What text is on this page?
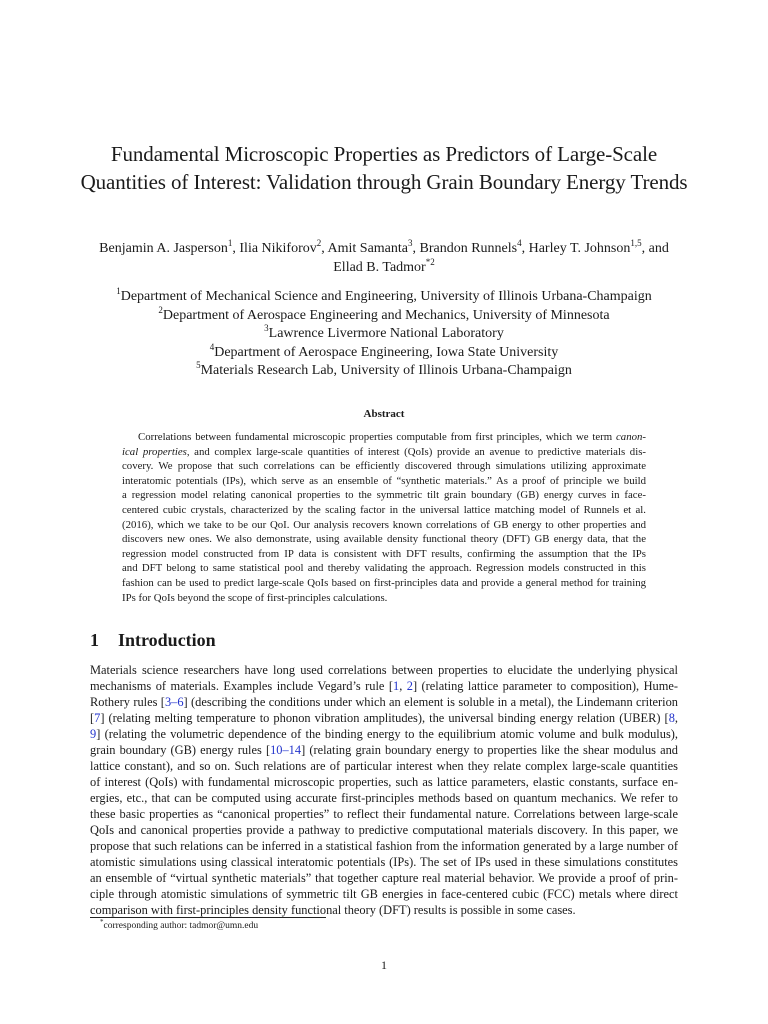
Fundamental Microscopic Properties as Predictors of Large-Scale Quantities of Interest: Validation through Grain Boundary Energy Trends
Benjamin A. Jasperson$^1$, Ilia Nikiforov$^2$, Amit Samanta$^3$, Brandon Runnels$^4$, Harley T. Johnson$^{1,5}$, and Ellad B. Tadmor$^{*2}$
$^1$Department of Mechanical Science and Engineering, University of Illinois Urbana-Champaign
$^2$Department of Aerospace Engineering and Mechanics, University of Minnesota
$^3$Lawrence Livermore National Laboratory
$^4$Department of Aerospace Engineering, Iowa State University
$^5$Materials Research Lab, University of Illinois Urbana-Champaign
Abstract
Correlations between fundamental microscopic properties computable from first principles, which we term canon-
ical properties, and complex large-scale quantities of interest (QoIs) provide an avenue to predictive materials dis-
covery. We propose that such correlations can be efficiently discovered through simulations utilizing approximate
interatomic potentials (IPs), which serve as an ensemble of “synthetic materials.” As a proof of principle we build
a regression model relating canonical properties to the symmetric tilt grain boundary (GB) energy curves in face-
centered cubic crystals, characterized by the scaling factor in the universal lattice matching model of Runnels et al.
(2016), which we take to be our QoI. Our analysis recovers known correlations of GB energy to other properties and
discovers new ones. We also demonstrate, using available density functional theory (DFT) GB energy data, that the
regression model constructed from IP data is consistent with DFT results, confirming the assumption that the IPs
and DFT belong to same statistical pool and thereby validating the approach. Regression models constructed in this
fashion can be used to predict large-scale QoIs based on first-principles data and provide a general method for training
IPs for QoIs beyond the scope of first-principles calculations.
1 Introduction
Materials science researchers have long used correlations between properties to elucidate the underlying physical
mechanisms of materials. Examples include Vegard’s rule [1, 2] (relating lattice parameter to composition), Hume-
Rothery rules [3–6] (describing the conditions under which an element is soluble in a metal), the Lindemann criterion
[7] (relating melting temperature to phonon vibration amplitudes), the universal binding energy relation (UBER) [8,
9] (relating the volumetric dependence of the binding energy to the equilibrium atomic volume and bulk modulus),
grain boundary (GB) energy rules [10–14] (relating grain boundary energy to properties like the shear modulus and
lattice constant), and so on. Such relations are of particular interest when they relate complex large-scale quantities
of interest (QoIs) with fundamental microscopic properties, such as lattice parameters, elastic constants, surface en-
ergies, etc., that can be computed using accurate first-principles methods based on quantum mechanics. We refer to
these basic properties as “canonical properties” to reflect their fundamental nature. Correlations between large-scale
QoIs and canonical properties provide a pathway to predictive computational materials discovery. In this paper, we
propose that such relations can be inferred in a statistical fashion from the information generated by a large number of
atomistic simulations using classical interatomic potentials (IPs). The set of IPs used in these simulations constitutes
an ensemble of “virtual synthetic materials” that together capture real material behavior. We provide a proof of prin-
ciple through atomistic simulations of symmetric tilt GB energies in face-centered cubic (FCC) metals where direct
comparison with first-principles density functional theory (DFT) results is possible in some cases.
*corresponding author: tadmor@umn.edu
1
